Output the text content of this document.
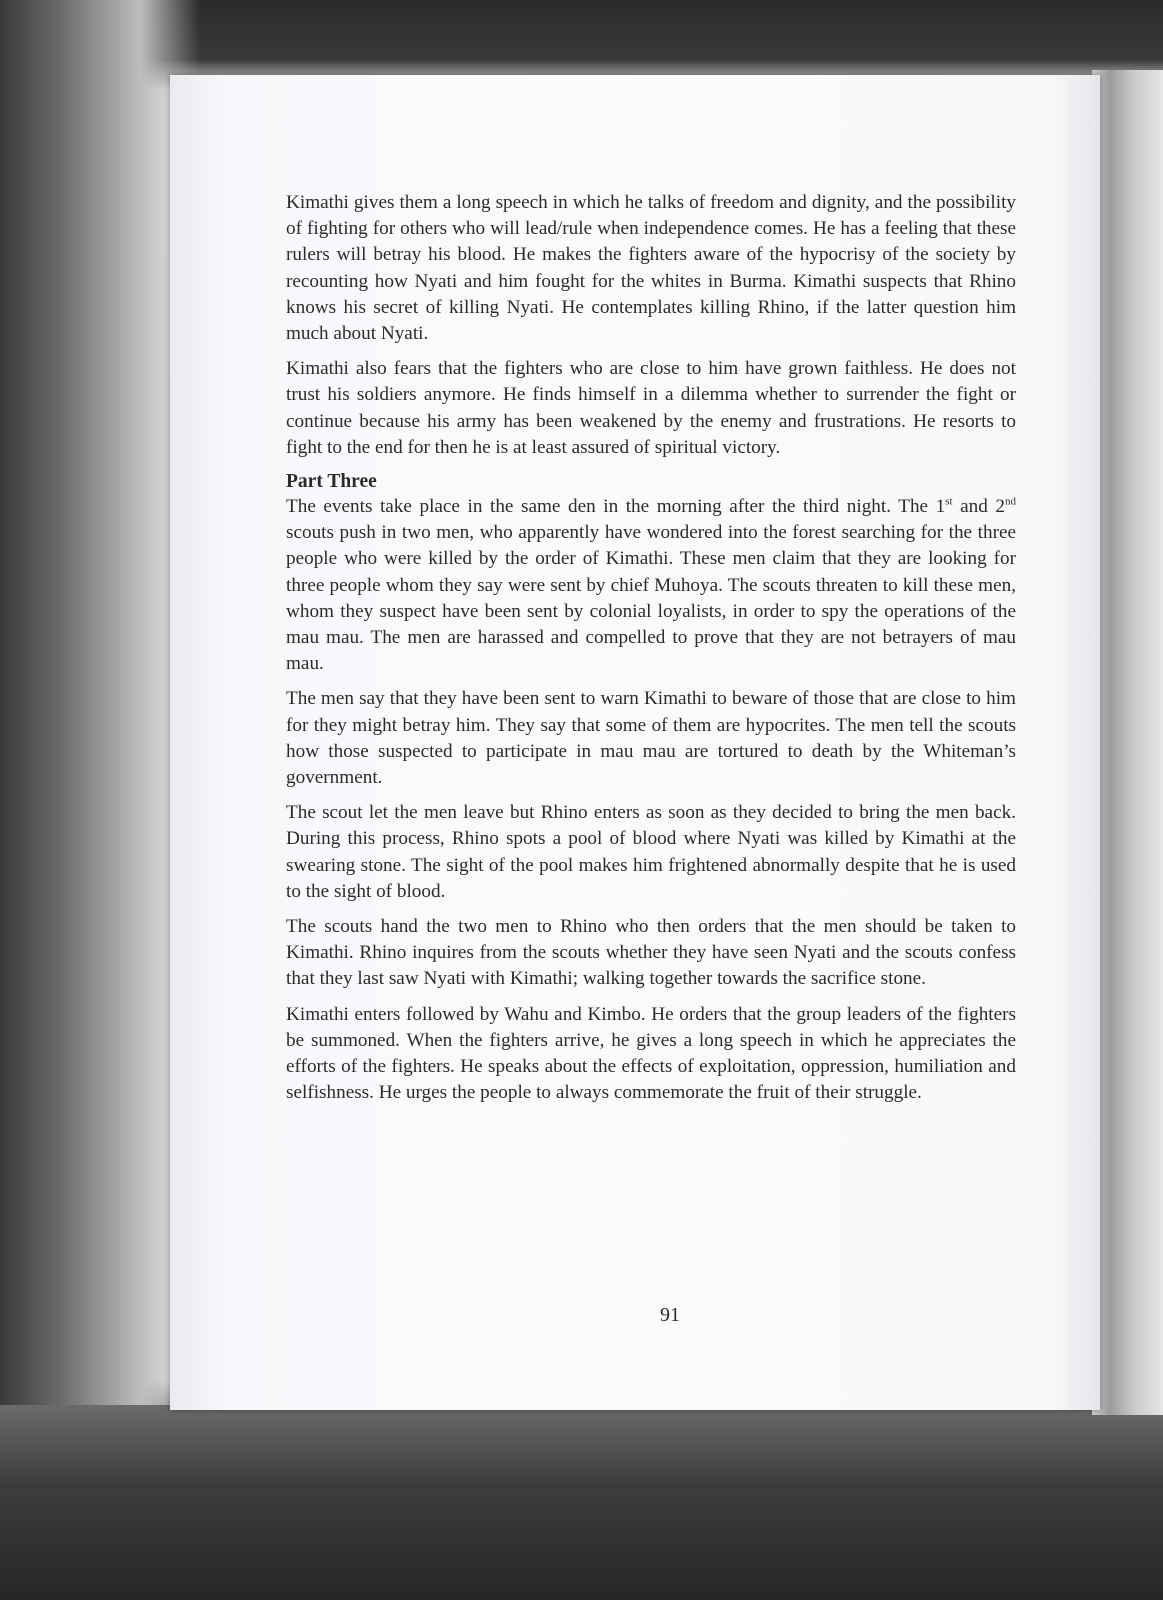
Kimathi gives them a long speech in which he talks of freedom and dignity, and the possibility of fighting for others who will lead/rule when independence comes. He has a feeling that these rulers will betray his blood. He makes the fighters aware of the hypocrisy of the society by recounting how Nyati and him fought for the whites in Burma. Kimathi suspects that Rhino knows his secret of killing Nyati. He contemplates killing Rhino, if the latter question him much about Nyati.

Kimathi also fears that the fighters who are close to him have grown faithless. He does not trust his soldiers anymore. He finds himself in a dilemma whether to surrender the fight or continue because his army has been weakened by the enemy and frustrations. He resorts to fight to the end for then he is at least assured of spiritual victory.

Part Three

The events take place in the same den in the morning after the third night. The 1st and 2nd scouts push in two men, who apparently have wondered into the forest searching for the three people who were killed by the order of Kimathi. These men claim that they are looking for three people whom they say were sent by chief Muhoya. The scouts threaten to kill these men, whom they suspect have been sent by colonial loyalists, in order to spy the operations of the mau mau. The men are harassed and compelled to prove that they are not betrayers of mau mau.

The men say that they have been sent to warn Kimathi to beware of those that are close to him for they might betray him. They say that some of them are hypocrites. The men tell the scouts how those suspected to participate in mau mau are tortured to death by the Whiteman’s government.

The scout let the men leave but Rhino enters as soon as they decided to bring the men back. During this process, Rhino spots a pool of blood where Nyati was killed by Kimathi at the swearing stone. The sight of the pool makes him frightened abnormally despite that he is used to the sight of blood.

The scouts hand the two men to Rhino who then orders that the men should be taken to Kimathi. Rhino inquires from the scouts whether they have seen Nyati and the scouts confess that they last saw Nyati with Kimathi; walking together towards the sacrifice stone.

Kimathi enters followed by Wahu and Kimbo. He orders that the group leaders of the fighters be summoned. When the fighters arrive, he gives a long speech in which he appreciates the efforts of the fighters. He speaks about the effects of exploitation, oppression, humiliation and selfishness. He urges the people to always commemorate the fruit of their struggle.

91
